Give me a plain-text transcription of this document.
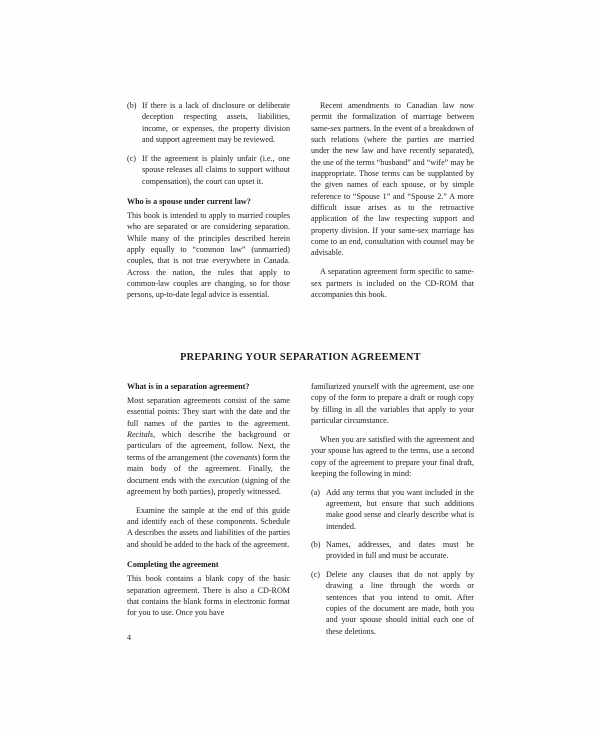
(b) If there is a lack of disclosure or deliberate deception respecting assets, liabilities, income, or expenses, the property division and support agreement may be reviewed.
(c) If the agreement is plainly unfair (i.e., one spouse releases all claims to support without compensation), the court can upset it.
Who is a spouse under current law?

This book is intended to apply to married couples who are separated or are considering separation. While many of the principles described herein apply equally to “common law” (unmarried) couples, that is not true everywhere in Canada. Across the nation, the rules that apply to common-law couples are changing, so for those persons, up-to-date legal advice is essential.

Recent amendments to Canadian law now permit the formalization of marriage between same-sex partners. In the event of a breakdown of such relations (where the parties are married under the new law and have recently separated), the use of the terms “husband” and “wife” may be inappropriate. Those terms can be supplanted by the given names of each spouse, or by simple reference to “Spouse 1” and “Spouse 2.” A more difficult issue arises as to the retroactive application of the law respecting support and property division. If your same-sex marriage has come to an end, consultation with counsel may be advisable.

A separation agreement form specific to same-sex partners is included on the CD-ROM that accompanies this book.

PREPARING YOUR SEPARATION AGREEMENT
What is in a separation agreement?

Most separation agreements consist of the same essential points: They start with the date and the full names of the parties to the agreement. Recitals, which describe the background or particulars of the agreement, follow. Next, the terms of the arrangement (the covenants) form the main body of the agreement. Finally, the document ends with the execution (signing of the agreement by both parties), properly witnessed.

Examine the sample at the end of this guide and identify each of these components. Schedule A describes the assets and liabilities of the parties and should be added to the back of the agreement.

Completing the agreement

This book contains a blank copy of the basic separation agreement. There is also a CD-ROM that contains the blank forms in electronic format for you to use. Once you have

familiarized yourself with the agreement, use one copy of the form to prepare a draft or rough copy by filling in all the variables that apply to your particular circumstance.

When you are satisfied with the agreement and your spouse has agreed to the terms, use a second copy of the agreement to prepare your final draft, keeping the following in mind:

(a) Add any terms that you want included in the agreement, but ensure that such additions make good sense and clearly describe what is intended.
(b) Names, addresses, and dates must be provided in full and must be accurate.
(c) Delete any clauses that do not apply by drawing a line through the words or sentences that you intend to omit. After copies of the document are made, both you and your spouse should initial each one of these deletions.
4
